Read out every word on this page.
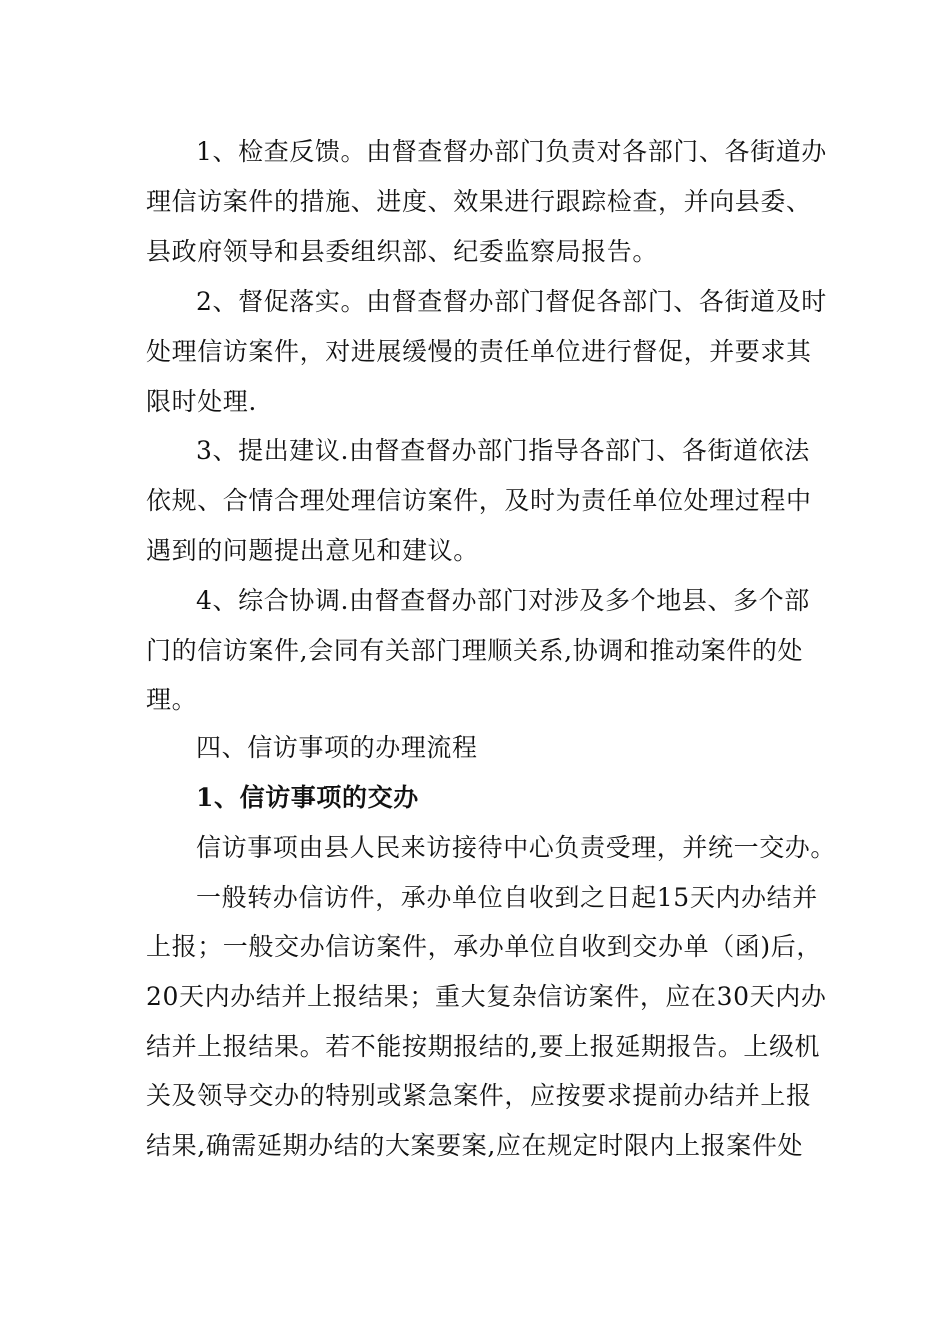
1、检查反馈。由督查督办部门负责对各部门、各街道办
理信访案件的措施、进度、效果进行跟踪检查，并向县委、
县政府领导和县委组织部、纪委监察局报告。
2、督促落实。由督查督办部门督促各部门、各街道及时
处理信访案件，对进展缓慢的责任单位进行督促，并要求其
限时处理.
3、提出建议.由督查督办部门指导各部门、各街道依法
依规、合情合理处理信访案件，及时为责任单位处理过程中
遇到的问题提出意见和建议。
4、综合协调.由督查督办部门对涉及多个地县、多个部
门的信访案件,会同有关部门理顺关系,协调和推动案件的处
理。
四、信访事项的办理流程
1、信访事项的交办
信访事项由县人民来访接待中心负责受理，并统一交办。
一般转办信访件，承办单位自收到之日起15天内办结并
上报；一般交办信访案件，承办单位自收到交办单（函)后，
20天内办结并上报结果；重大复杂信访案件，应在30天内办
结并上报结果。若不能按期报结的,要上报延期报告。上级机
关及领导交办的特别或紧急案件，应按要求提前办结并上报
结果,确需延期办结的大案要案,应在规定时限内上报案件处
